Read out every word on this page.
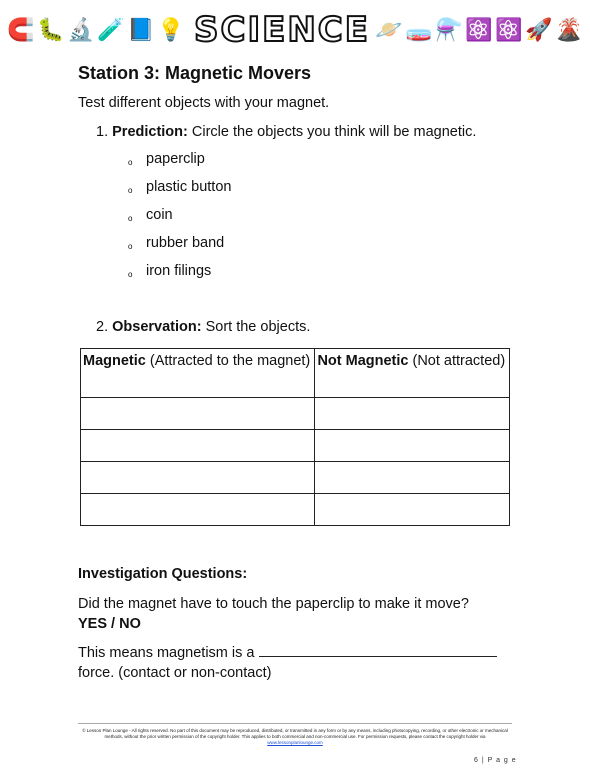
🧲 🐛 🔬 🧪 📘 💡 SCIENCE 🪐 🧫 ⚗️ ⚛️ ⚛️ 🚀 🌋
Station 3: Magnetic Movers
Test different objects with your magnet.
1. Prediction: Circle the objects you think will be magnetic.
o paperclip
o plastic button
o coin
o rubber band
o iron filings
2. Observation: Sort the objects.
Magnetic (Attracted to the magnet)	Not Magnetic (Not attracted)

Investigation Questions:
Did the magnet have to touch the paperclip to make it move?
YES / NO
This means magnetism is a
force. (contact or non-contact)
© Lesson Plan Lounge - All rights reserved. No part of this document may be reproduced, distributed, or transmitted in any form or by any means, including photocopying, recording, or other electronic or mechanical methods, without the prior written permission of the copyright holder. This applies to both commercial and non-commercial use. For permission requests, please contact the copyright holder via
www.lessonplanlounge.com
6 | P a g e
